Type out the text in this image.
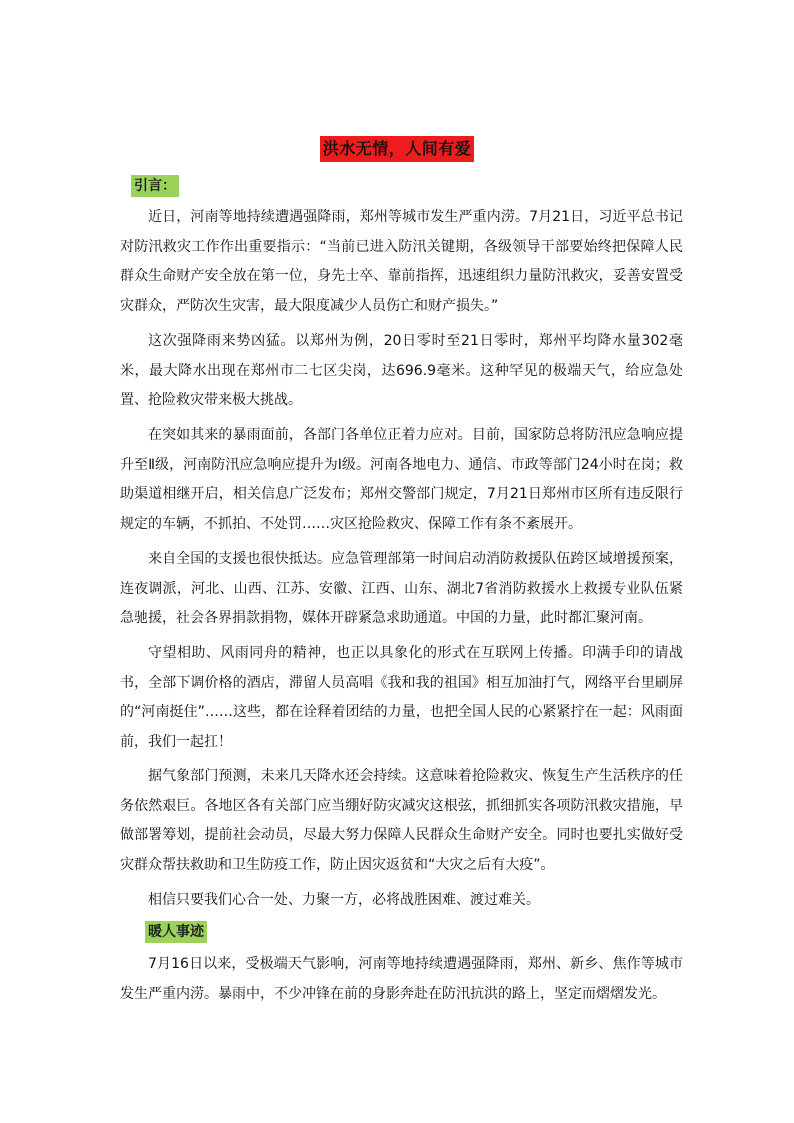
洪水无情，人间有爱
引言：

近日，河南等地持续遭遇强降雨，郑州等城市发生严重内涝。7月21日，习近平总书记对防汛救灾工作作出重要指示：“当前已进入防汛关键期，各级领导干部要始终把保障人民群众生命财产安全放在第一位，身先士卒、靠前指挥，迅速组织力量防汛救灾，妥善安置受灾群众，严防次生灾害，最大限度减少人员伤亡和财产损失。”

这次强降雨来势凶猛。以郑州为例，20日零时至21日零时，郑州平均降水量302毫米，最大降水出现在郑州市二七区尖岗，达696.9毫米。这种罕见的极端天气，给应急处置、抢险救灾带来极大挑战。

在突如其来的暴雨面前，各部门各单位正着力应对。目前，国家防总将防汛应急响应提升至Ⅱ级，河南防汛应急响应提升为Ⅰ级。河南各地电力、通信、市政等部门24小时在岗；救助渠道相继开启，相关信息广泛发布；郑州交警部门规定，7月21日郑州市区所有违反限行规定的车辆，不抓拍、不处罚……灾区抢险救灾、保障工作有条不紊展开。

来自全国的支援也很快抵达。应急管理部第一时间启动消防救援队伍跨区域增援预案，连夜调派，河北、山西、江苏、安徽、江西、山东、湖北7省消防救援水上救援专业队伍紧急驰援，社会各界捐款捐物，媒体开辟紧急求助通道。中国的力量，此时都汇聚河南。

守望相助、风雨同舟的精神，也正以具象化的形式在互联网上传播。印满手印的请战书，全部下调价格的酒店，滞留人员高唱《我和我的祖国》相互加油打气，网络平台里刷屏的“河南挺住”……这些，都在诠释着团结的力量，也把全国人民的心紧紧拧在一起：风雨面前，我们一起扛！

据气象部门预测，未来几天降水还会持续。这意味着抢险救灾、恢复生产生活秩序的任务依然艰巨。各地区各有关部门应当绷好防灾减灾这根弦，抓细抓实各项防汛救灾措施，早做部署筹划，提前社会动员，尽最大努力保障人民群众生命财产安全。同时也要扎实做好受灾群众帮扶救助和卫生防疫工作，防止因灾返贫和“大灾之后有大疫”。

相信只要我们心合一处、力聚一方，必将战胜困难、渡过难关。

暖人事迹

7月16日以来，受极端天气影响，河南等地持续遭遇强降雨，郑州、新乡、焦作等城市发生严重内涝。暴雨中，不少冲锋在前的身影奔赴在防汛抗洪的路上，坚定而熠熠发光。
